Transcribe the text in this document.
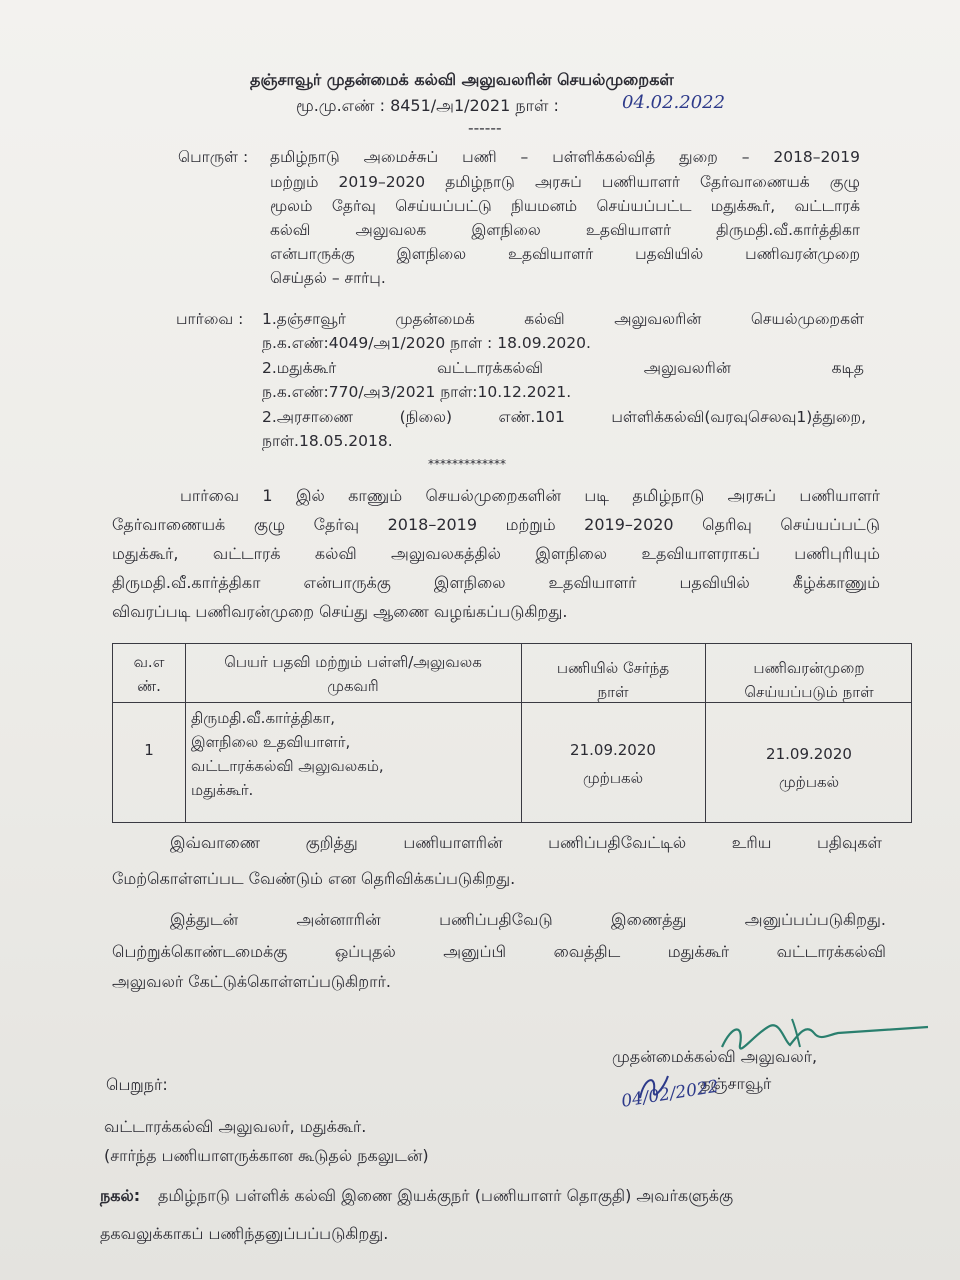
தஞ்சாவூர் முதன்மைக் கல்வி அலுவலரின் செயல்முறைகள்
மூ.மு.எண் : 8451/அ1/2021 நாள் :	04.02.2022
------
பொருள் : தமிழ்நாடு அமைச்சுப் பணி – பள்ளிக்கல்வித் துறை – 2018–2019
மற்றும் 2019–2020 தமிழ்நாடு அரசுப் பணியாளர் தேர்வாணையக் குழு
மூலம் தேர்வு செய்யப்பட்டு நியமனம் செய்யப்பட்ட மதுக்கூர், வட்டாரக்
கல்வி அலுவலக இளநிலை உதவியாளர் திருமதி.வீ.கார்த்திகா
என்பாருக்கு இளநிலை உதவியாளர் பதவியில் பணிவரன்முறை
செய்தல் – சார்பு.
பார்வை : 1.தஞ்சாவூர் முதன்மைக் கல்வி அலுவலரின் செயல்முறைகள்
ந.க.எண்:4049/அ1/2020 நாள் : 18.09.2020.
2.மதுக்கூர் வட்டாரக்கல்வி அலுவலரின் கடித
ந.க.எண்:770/அ3/2021 நாள்:10.12.2021.
2.அரசாணை (நிலை) எண்.101 பள்ளிக்கல்வி(வரவுசெலவு1)த்துறை,
நாள்.18.05.2018.
*************
பார்வை 1 இல் காணும் செயல்முறைகளின் படி தமிழ்நாடு அரசுப் பணியாளர்
தேர்வாணையக் குழு தேர்வு 2018–2019 மற்றும் 2019–2020 தெரிவு செய்யப்பட்டு
மதுக்கூர், வட்டாரக் கல்வி அலுவலகத்தில் இளநிலை உதவியாளராகப் பணிபுரியும்
திருமதி.வீ.கார்த்திகா என்பாருக்கு இளநிலை உதவியாளர் பதவியில் கீழ்க்காணும்
விவரப்படி பணிவரன்முறை செய்து ஆணை வழங்கப்படுகிறது.
வ.எ
ண்.
பெயர் பதவி மற்றும் பள்ளி/அலுவலக
முகவரி
பணியில் சேர்ந்த
நாள்
பணிவரன்முறை
செய்யப்படும் நாள்
1
திருமதி.வீ.கார்த்திகா,
இளநிலை உதவியாளர்,
வட்டாரக்கல்வி அலுவலகம்,
மதுக்கூர்.
21.09.2020
முற்பகல்
21.09.2020
முற்பகல்
இவ்வாணை குறித்து பணியாளரின் பணிப்பதிவேட்டில் உரிய பதிவுகள்
மேற்கொள்ளப்பட வேண்டும் என தெரிவிக்கப்படுகிறது.
இத்துடன் அன்னாரின் பணிப்பதிவேடு இணைத்து அனுப்பப்படுகிறது.
பெற்றுக்கொண்டமைக்கு ஒப்புதல் அனுப்பி வைத்திட மதுக்கூர் வட்டாரக்கல்வி
அலுவலர் கேட்டுக்கொள்ளப்படுகிறார்.
முதன்மைக்கல்வி அலுவலர்,
தஞ்சாவூர்
04/02/2022
பெறுநர்:
வட்டாரக்கல்வி அலுவலர், மதுக்கூர்.
(சார்ந்த பணியாளருக்கான கூடுதல் நகலுடன்)
நகல்: தமிழ்நாடு பள்ளிக் கல்வி இணை இயக்குநர் (பணியாளர் தொகுதி) அவர்களுக்கு
தகவலுக்காகப் பணிந்தனுப்பப்படுகிறது.
